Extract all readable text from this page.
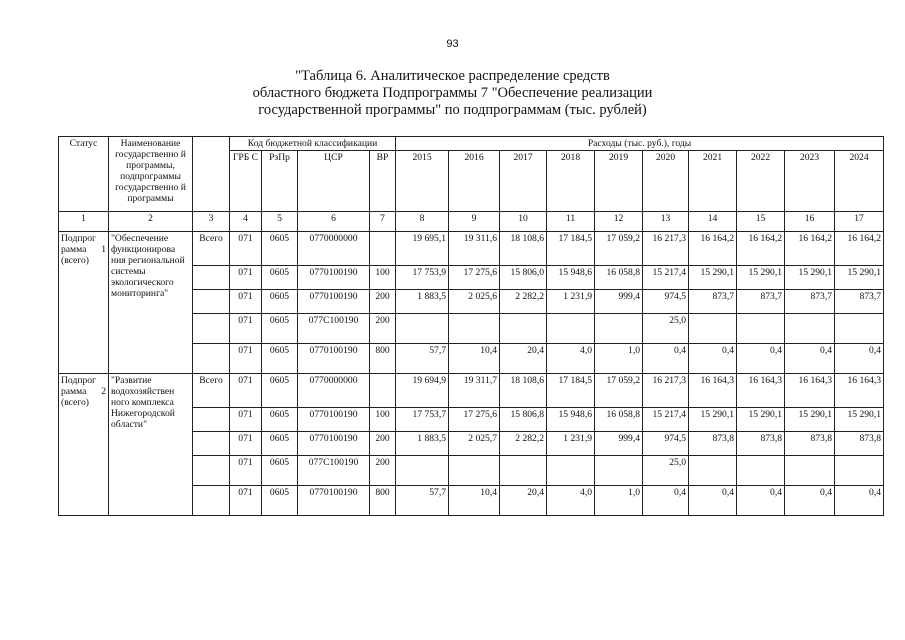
93
"Таблица 6. Аналитическое распределение средств
областного бюджета Подпрограммы 7 "Обеспечение реализации
государственной программы" по подпрограммам (тыс. рублей)
Статус	Наименование государственно й программы, подпрограммы государственно й программы		Код бюджетной классификации				Расходы (тыс. руб.), годы									
			ГРБ С	РзПр	ЦСР	ВР	2015	2016	2017	2018	2019	2020	2021	2022	2023	2024
1	2	3	4	5	6	7	8	9	10	11	12	13	14	15	16	17
Подпрог рамма 1 (всего)	"Обеспечение функционирова ния региональной системы экологического мониторинга"	Всего	071	0605	0770000000		19 695,1	19 311,6	18 108,6	17 184,5	17 059,2	16 217,3	16 164,2	16 164,2	16 164,2	16 164,2
			071	0605	0770100190	100	17 753,9	17 275,6	15 806,0	15 948,6	16 058,8	15 217,4	15 290,1	15 290,1	15 290,1	15 290,1
			071	0605	0770100190	200	1 883,5	2 025,6	2 282,2	1 231,9	999,4	974,5	873,7	873,7	873,7	873,7
			071	0605	077C100190	200						25,0				
			071	0605	0770100190	800	57,7	10,4	20,4	4,0	1,0	0,4	0,4	0,4	0,4	0,4
Подпрог рамма 2 (всего)	"Развитие водохозяйствен ного комплекса Нижегородской области"	Всего	071	0605	0770000000		19 694,9	19 311,7	18 108,6	17 184,5	17 059,2	16 217,3	16 164,3	16 164,3	16 164,3	16 164,3
			071	0605	0770100190	100	17 753,7	17 275,6	15 806,8	15 948,6	16 058,8	15 217,4	15 290,1	15 290,1	15 290,1	15 290,1
			071	0605	0770100190	200	1 883,5	2 025,7	2 282,2	1 231,9	999,4	974,5	873,8	873,8	873,8	873,8
			071	0605	077C100190	200						25,0				
			071	0605	0770100190	800	57,7	10,4	20,4	4,0	1,0	0,4	0,4	0,4	0,4	0,4
